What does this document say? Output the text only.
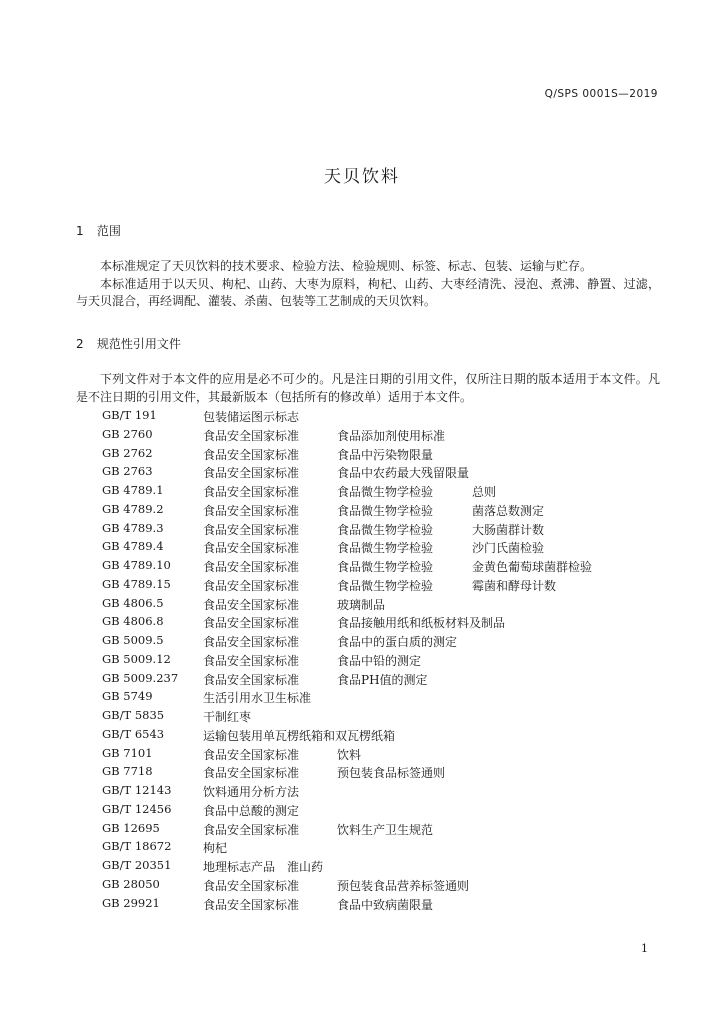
Q/SPS 0001S—2019
天贝饮料
1 范围

本标准规定了天贝饮料的技术要求、检验方法、检验规则、标签、标志、包装、运输与贮存。

本标准适用于以天贝、枸杞、山药、大枣为原料，枸杞、山药、大枣经清洗、浸泡、煮沸、静置、过滤，与天贝混合，再经调配、灌装、杀菌、包装等工艺制成的天贝饮料。

2 规范性引用文件

下列文件对于本文件的应用是必不可少的。凡是注日期的引用文件，仅所注日期的版本适用于本文件。凡是不注日期的引用文件，其最新版本（包括所有的修改单）适用于本文件。

GB/T 191	包装储运图示标志
GB 2760	食品安全国家标准	食品添加剂使用标准
GB 2762	食品安全国家标准	食品中污染物限量
GB 2763	食品安全国家标准	食品中农药最大残留限量
GB 4789.1	食品安全国家标准	食品微生物学检验	总则
GB 4789.2	食品安全国家标准	食品微生物学检验	菌落总数测定
GB 4789.3	食品安全国家标准	食品微生物学检验	大肠菌群计数
GB 4789.4	食品安全国家标准	食品微生物学检验	沙门氏菌检验
GB 4789.10	食品安全国家标准	食品微生物学检验	金黄色葡萄球菌群检验
GB 4789.15	食品安全国家标准	食品微生物学检验	霉菌和酵母计数
GB 4806.5	食品安全国家标准	玻璃制品
GB 4806.8	食品安全国家标准	食品接触用纸和纸板材料及制品
GB 5009.5	食品安全国家标准	食品中的蛋白质的测定
GB 5009.12	食品安全国家标准	食品中铅的测定
GB 5009.237 食品安全国家标准	食品PH值的测定
GB 5749	生活引用水卫生标准
GB/T 5835	干制红枣
GB/T 6543	运输包装用单瓦楞纸箱和双瓦楞纸箱
GB 7101	食品安全国家标准	饮料
GB 7718	食品安全国家标准	预包装食品标签通则
GB/T 12143	饮料通用分析方法
GB/T 12456	食品中总酸的测定
GB 12695	食品安全国家标准	饮料生产卫生规范
GB/T 18672	枸杞
GB/T 20351	地理标志产品　淮山药
GB 28050	食品安全国家标准	预包装食品营养标签通则
GB 29921	食品安全国家标准	食品中致病菌限量
1
